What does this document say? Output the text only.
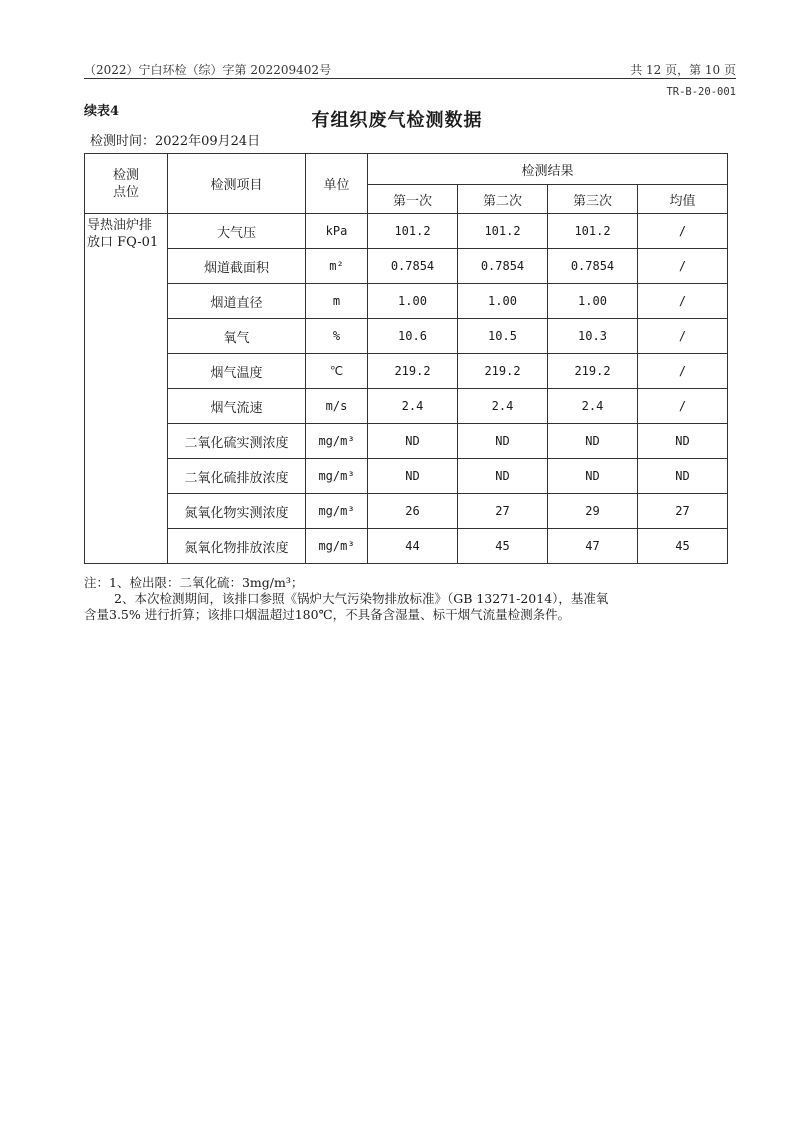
（2022）宁白环检（综）字第 202209402号	共 12 页，第 10 页
TR-B-20-001
续表4	有组织废气检测数据
检测时间：2022年09月24日
检测
点位	检测项目	单位	检测结果			
			第一次	第二次	第三次	均值
导热油炉排
放口 FQ-01	大气压	kPa	101.2	101.2	101.2	/
	烟道截面积	m²	0.7854	0.7854	0.7854	/
	烟道直径	m	1.00	1.00	1.00	/
	氧气	%	10.6	10.5	10.3	/
	烟气温度	℃	219.2	219.2	219.2	/
	烟气流速	m/s	2.4	2.4	2.4	/
	二氧化硫实测浓度	mg/m³	ND	ND	ND	ND
	二氧化硫排放浓度	mg/m³	ND	ND	ND	ND
	氮氧化物实测浓度	mg/m³	26	27	29	27
	氮氧化物排放浓度	mg/m³	44	45	47	45

注：1、检出限：二氧化硫：3mg/m³；

2、本次检测期间，该排口参照《锅炉大气污染物排放标准》（GB 13271-2014），基准氧

含量3.5% 进行折算；该排口烟温超过180℃，不具备含湿量、标干烟气流量检测条件。
